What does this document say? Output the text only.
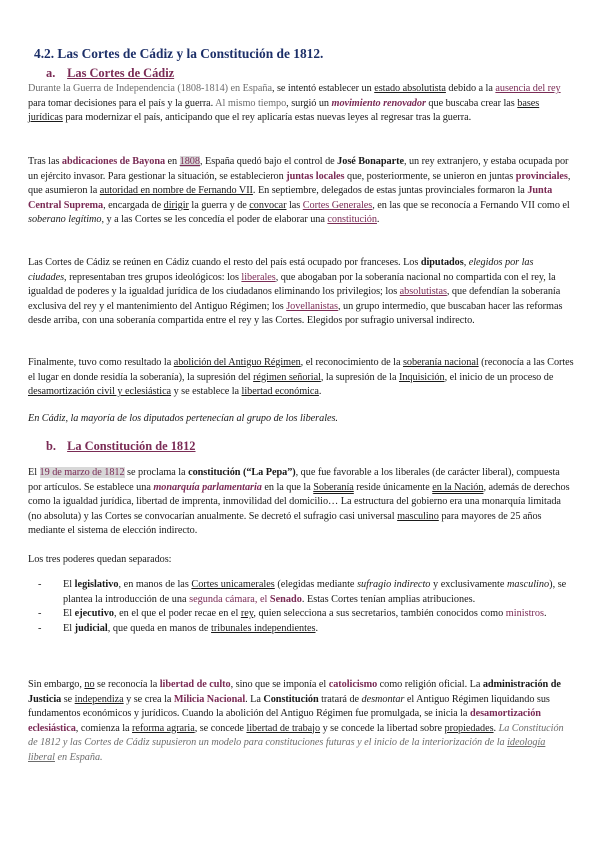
4.2. Las Cortes de Cádiz y la Constitución de 1812.
a. Las Cortes de Cádiz

Durante la Guerra de Independencia (1808-1814) en España, se intentó establecer un estado absolutista debido a la ausencia del rey para tomar decisiones para el país y la guerra. Al mismo tiempo, surgió un movimiento renovador que buscaba crear las bases jurídicas para modernizar el país, anticipando que el rey aplicaría estas nuevas leyes al regresar tras la guerra.

Tras las abdicaciones de Bayona en 1808, España quedó bajo el control de José Bonaparte, un rey extranjero, y estaba ocupada por un ejército invasor. Para gestionar la situación, se establecieron juntas locales que, posteriormente, se unieron en juntas provinciales, que asumieron la autoridad en nombre de Fernando VII. En septiembre, delegados de estas juntas provinciales formaron la Junta Central Suprema, encargada de dirigir la guerra y de convocar las Cortes Generales, en las que se reconocía a Fernando VII como el soberano legítimo, y a las Cortes se les concedía el poder de elaborar una constitución.

Las Cortes de Cádiz se reúnen en Cádiz cuando el resto del país está ocupado por franceses. Los diputados, elegidos por las ciudades, representaban tres grupos ideológicos: los liberales, que abogaban por la soberanía nacional no compartida con el rey, la igualdad de poderes y la igualdad jurídica de los ciudadanos eliminando los privilegios; los absolutistas, que defendían la soberanía exclusiva del rey y el mantenimiento del Antiguo Régimen; los Jovellanistas, un grupo intermedio, que buscaban hacer las reformas desde arriba, con una soberanía compartida entre el rey y las Cortes. Elegidos por sufragio universal indirecto.

Finalmente, tuvo como resultado la abolición del Antiguo Régimen, el reconocimiento de la soberanía nacional (reconocía a las Cortes el lugar en donde residía la soberanía), la supresión del régimen señorial, la supresión de la Inquisición, el inicio de un proceso de desamortización civil y eclesiástica y se establece la libertad económica.

En Cádiz, la mayoría de los diputados pertenecían al grupo de los liberales.

b. La Constitución de 1812

El 19 de marzo de 1812 se proclama la constitución (“La Pepa”), que fue favorable a los liberales (de carácter liberal), compuesta por artículos. Se establece una monarquía parlamentaria en la que la Soberanía reside únicamente en la Nación, además de derechos como la igualdad jurídica, libertad de imprenta, inmovilidad del domicilio… La estructura del gobierno era una monarquía limitada (no absoluta) y las Cortes se convocarían anualmente. Se decretó el sufragio casi universal masculino para mayores de 25 años mediante el sistema de elección indirecto.

Los tres poderes quedan separados:

- El legislativo, en manos de las Cortes unicamerales (elegidas mediante sufragio indirecto y exclusivamente masculino), se plantea la introducción de una segunda cámara, el Senado. Estas Cortes tenían amplias atribuciones.
- El ejecutivo, en el que el poder recae en el rey, quien selecciona a sus secretarios, también conocidos como ministros.
- El judicial, que queda en manos de tribunales independientes.

Sin embargo, no se reconocía la libertad de culto, sino que se imponía el catolicismo como religión oficial. La administración de Justicia se independiza y se crea la Milicia Nacional. La Constitución tratará de desmontar el Antiguo Régimen liquidando sus fundamentos económicos y jurídicos. Cuando la abolición del Antiguo Régimen fue promulgada, se inicia la desamortización eclesiástica, comienza la reforma agraria, se concede libertad de trabajo y se concede la libertad sobre propiedades. La Constitución de 1812 y las Cortes de Cádiz supusieron un modelo para constituciones futuras y el inicio de la interiorización de la ideología liberal en España.
